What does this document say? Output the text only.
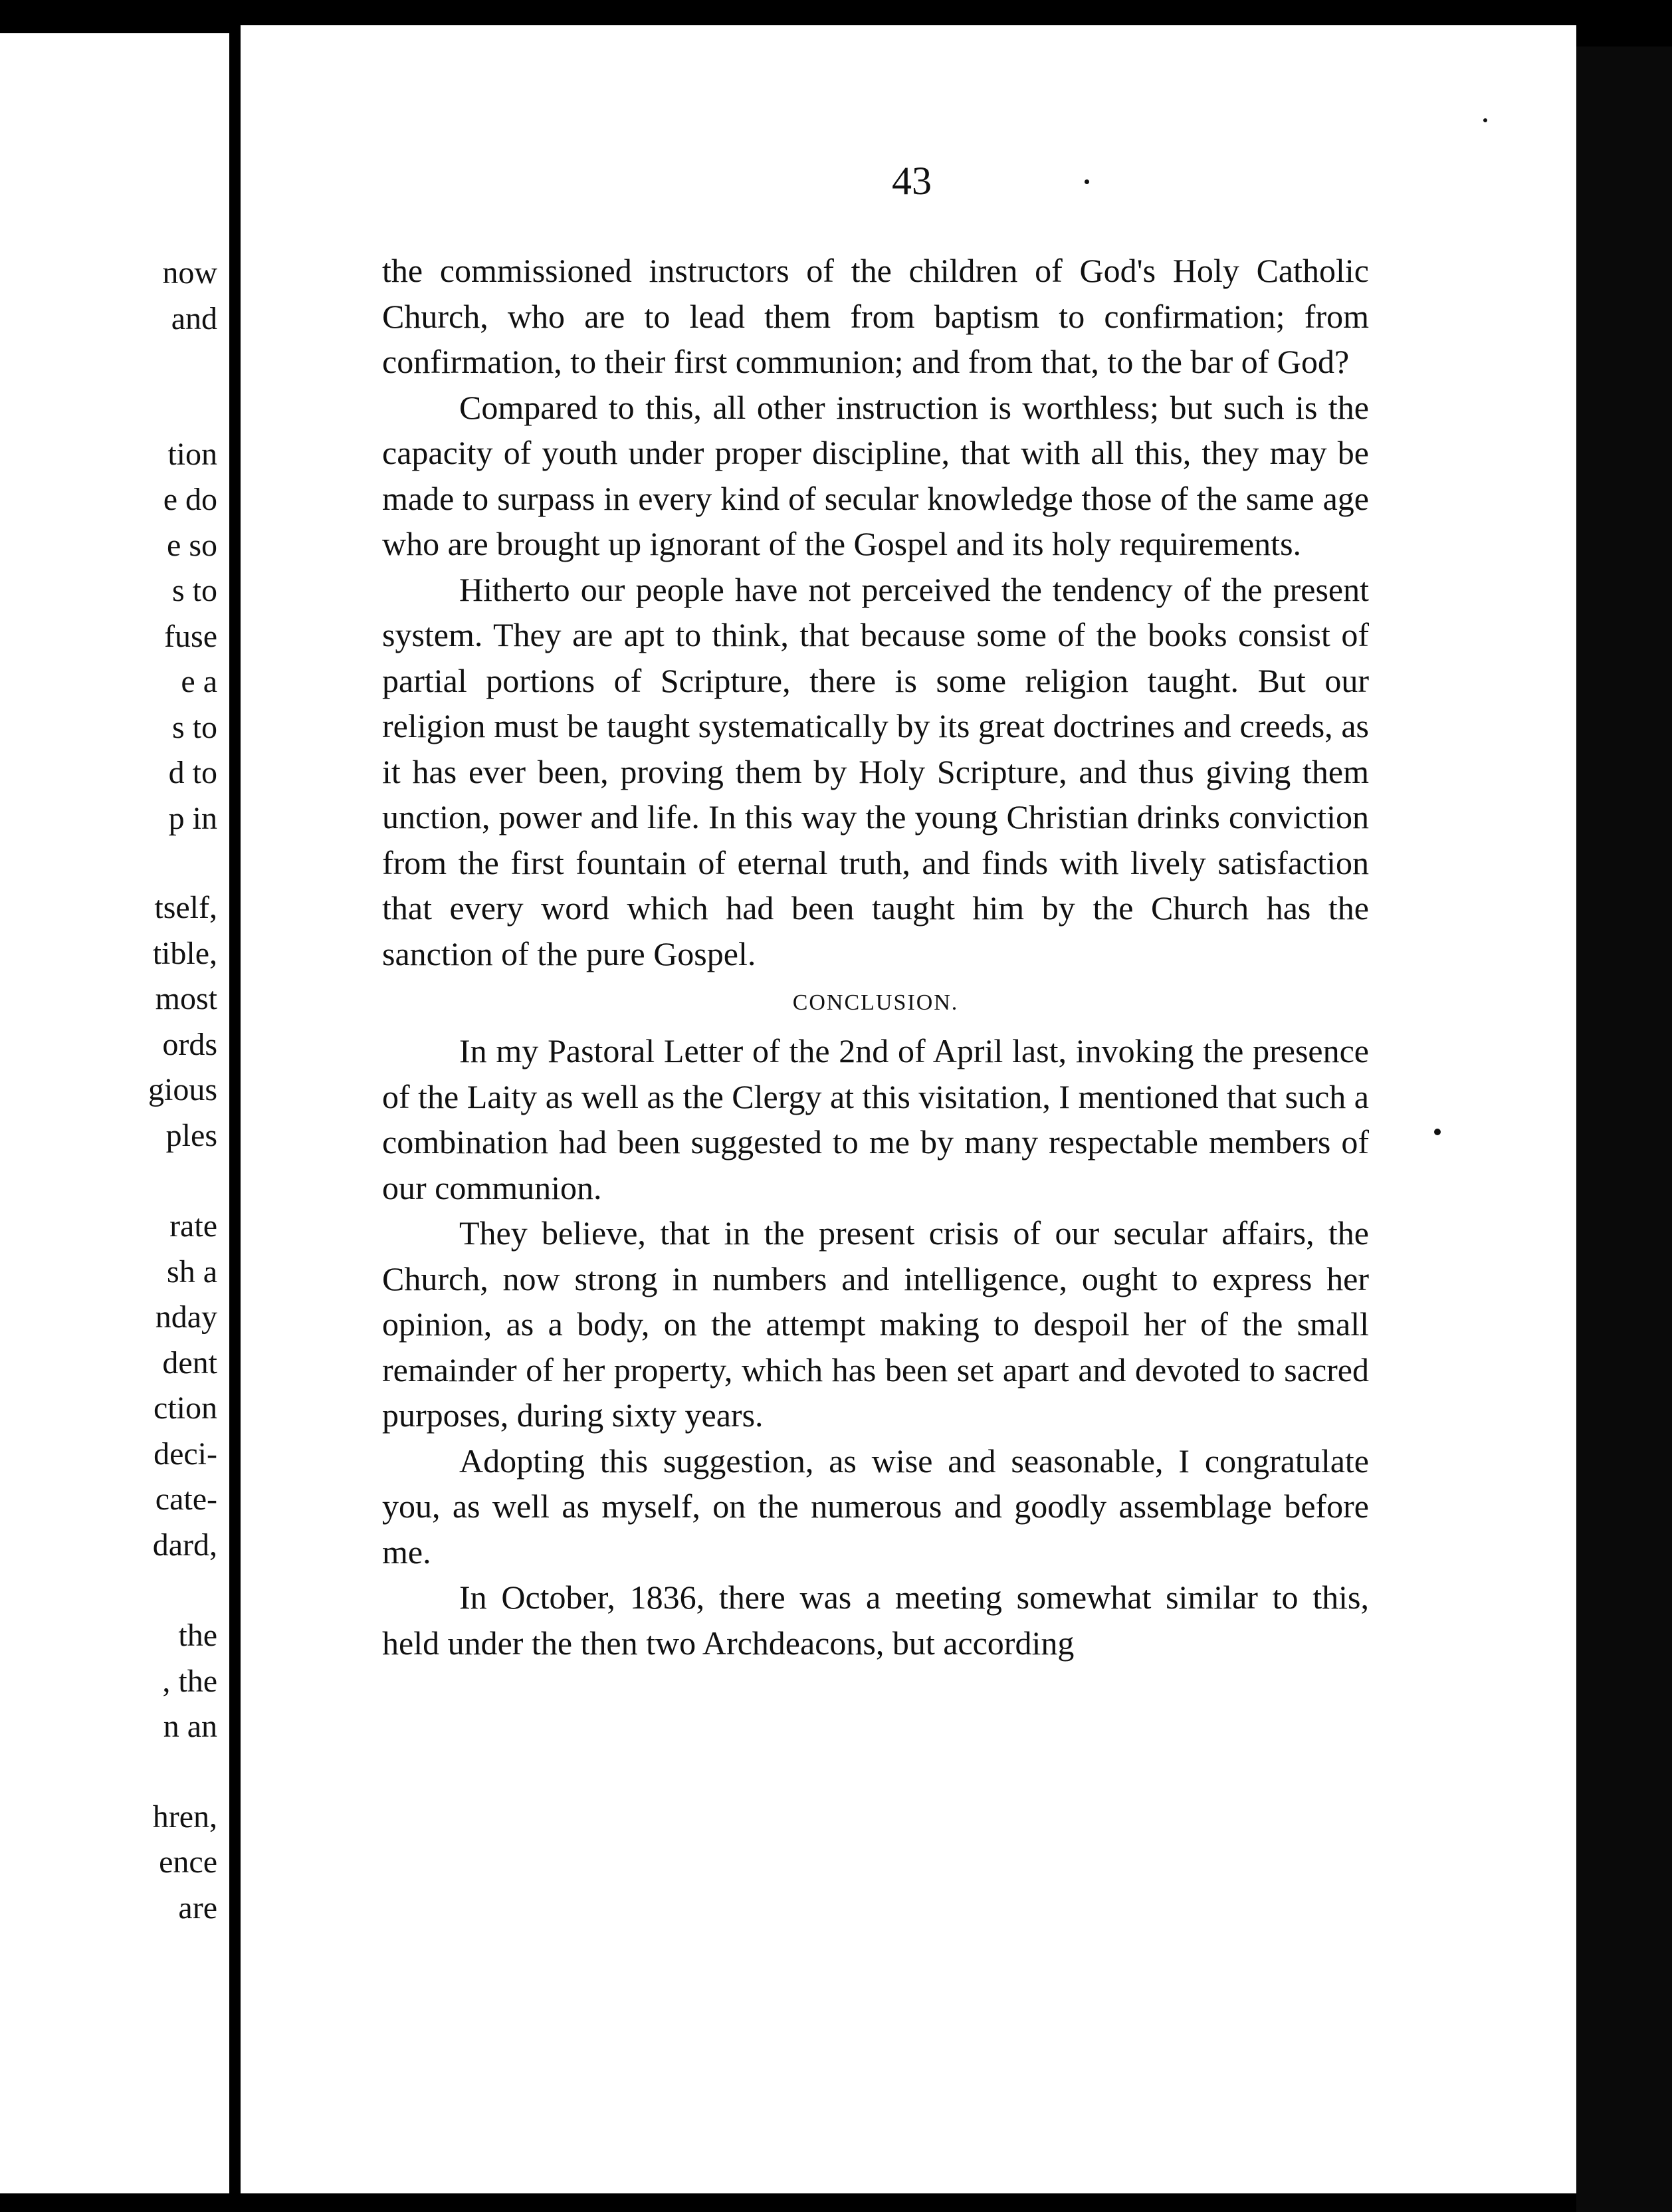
now
and
tion
e do
e so
s to
fuse
e a
s to
d to
p in
tself,
tible,
most
ords
gious
ples
rate
sh a
nday
dent
ction
deci-
cate-
dard,
the
, the
n an
hren,
ence
are
43

the commissioned instructors of the children of God's Holy Catholic Church, who are to lead them from baptism to confirmation; from confirmation, to their first communion; and from that, to the bar of God?

Compared to this, all other instruction is worthless; but such is the capacity of youth under proper discipline, that with all this, they may be made to surpass in every kind of secular knowledge those of the same age who are brought up ignorant of the Gospel and its holy requirements.

Hitherto our people have not perceived the tendency of the present system. They are apt to think, that because some of the books consist of partial portions of Scripture, there is some religion taught. But our religion must be taught systematically by its great doctrines and creeds, as it has ever been, proving them by Holy Scripture, and thus giving them unction, power and life. In this way the young Christian drinks conviction from the first fountain of eternal truth, and finds with lively satisfaction that every word which had been taught him by the Church has the sanction of the pure Gospel.

CONCLUSION.

In my Pastoral Letter of the 2nd of April last, invoking the presence of the Laity as well as the Clergy at this visitation, I mentioned that such a combination had been suggested to me by many respectable members of our communion.

They believe, that in the present crisis of our secular affairs, the Church, now strong in numbers and intelligence, ought to express her opinion, as a body, on the attempt making to despoil her of the small remainder of her property, which has been set apart and devoted to sacred purposes, during sixty years.

Adopting this suggestion, as wise and seasonable, I congratulate you, as well as myself, on the numerous and goodly assemblage before me.

In October, 1836, there was a meeting somewhat similar to this, held under the then two Archdeacons, but according
